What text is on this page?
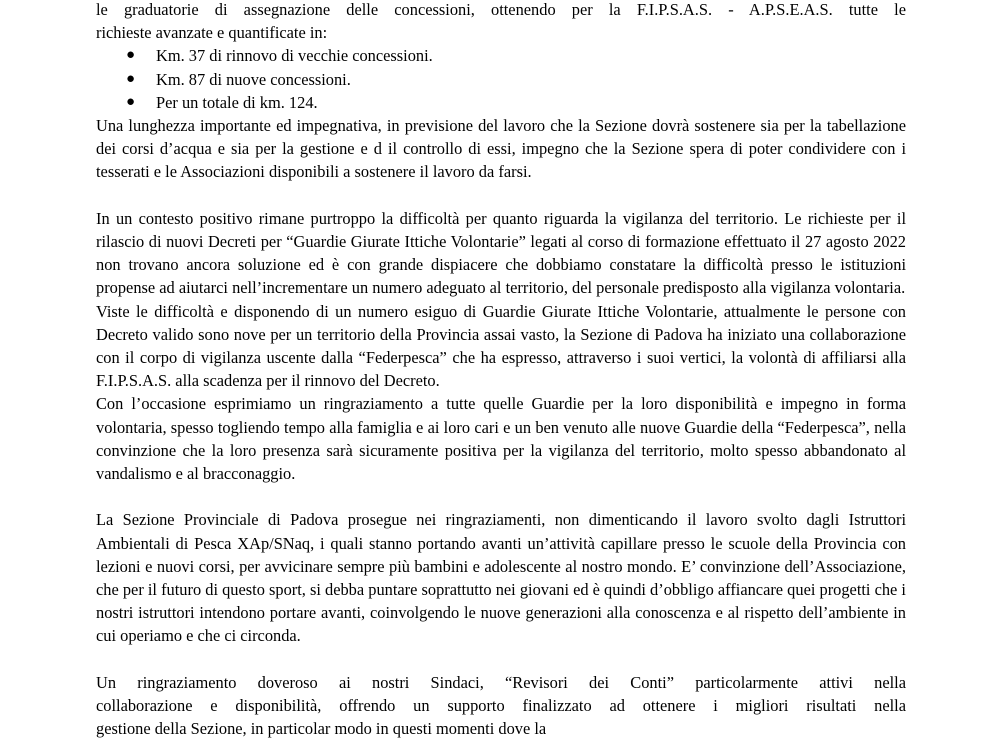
le graduatorie di assegnazione delle concessioni, ottenendo per la F.I.P.S.A.S. - A.P.S.E.A.S. tutte le

richieste avanzate e quantificate in:

● Km. 37 di rinnovo di vecchie concessioni.
● Km. 87 di nuove concessioni.
● Per un totale di km. 124.

Una lunghezza importante ed impegnativa, in previsione del lavoro che la Sezione dovrà sostenere sia per la tabellazione dei corsi d’acqua e sia per la gestione e d il controllo di essi, impegno che la Sezione spera di poter condividere con i tesserati e le Associazioni disponibili a sostenere il lavoro da farsi.

In un contesto positivo rimane purtroppo la difficoltà per quanto riguarda la vigilanza del territorio. Le richieste per il rilascio di nuovi Decreti per “Guardie Giurate Ittiche Volontarie” legati al corso di formazione effettuato il 27 agosto 2022 non trovano ancora soluzione ed è con grande dispiacere che dobbiamo constatare la difficoltà presso le istituzioni propense ad aiutarci nell’incrementare un numero adeguato al territorio, del personale predisposto alla vigilanza volontaria.

Viste le difficoltà e disponendo di un numero esiguo di Guardie Giurate Ittiche Volontarie, attualmente le persone con Decreto valido sono nove per un territorio della Provincia assai vasto, la Sezione di Padova ha iniziato una collaborazione con il corpo di vigilanza uscente dalla “Federpesca” che ha espresso, attraverso i suoi vertici, la volontà di affiliarsi alla F.I.P.S.A.S. alla scadenza per il rinnovo del Decreto.

Con l’occasione esprimiamo un ringraziamento a tutte quelle Guardie per la loro disponibilità e impegno in forma volontaria, spesso togliendo tempo alla famiglia e ai loro cari e un ben venuto alle nuove Guardie della “Federpesca”, nella convinzione che la loro presenza sarà sicuramente positiva per la vigilanza del territorio, molto spesso abbandonato al vandalismo e al bracconaggio.

La Sezione Provinciale di Padova prosegue nei ringraziamenti, non dimenticando il lavoro svolto dagli Istruttori Ambientali di Pesca XAp/SNaq, i quali stanno portando avanti un’attività capillare presso le scuole della Provincia con lezioni e nuovi corsi, per avvicinare sempre più bambini e adolescente al nostro mondo. E’ convinzione dell’Associazione, che per il futuro di questo sport, si debba puntare soprattutto nei giovani ed è quindi d’obbligo affiancare quei progetti che i nostri istruttori intendono portare avanti, coinvolgendo le nuove generazioni alla conoscenza e al rispetto dell’ambiente in cui operiamo e che ci circonda.

Un ringraziamento doveroso ai nostri Sindaci, “Revisori dei Conti” particolarmente attivi nella
collaborazione e disponibilità, offrendo un supporto finalizzato ad ottenere i migliori risultati nella
gestione della Sezione, in particolar modo in questi momenti dove la
